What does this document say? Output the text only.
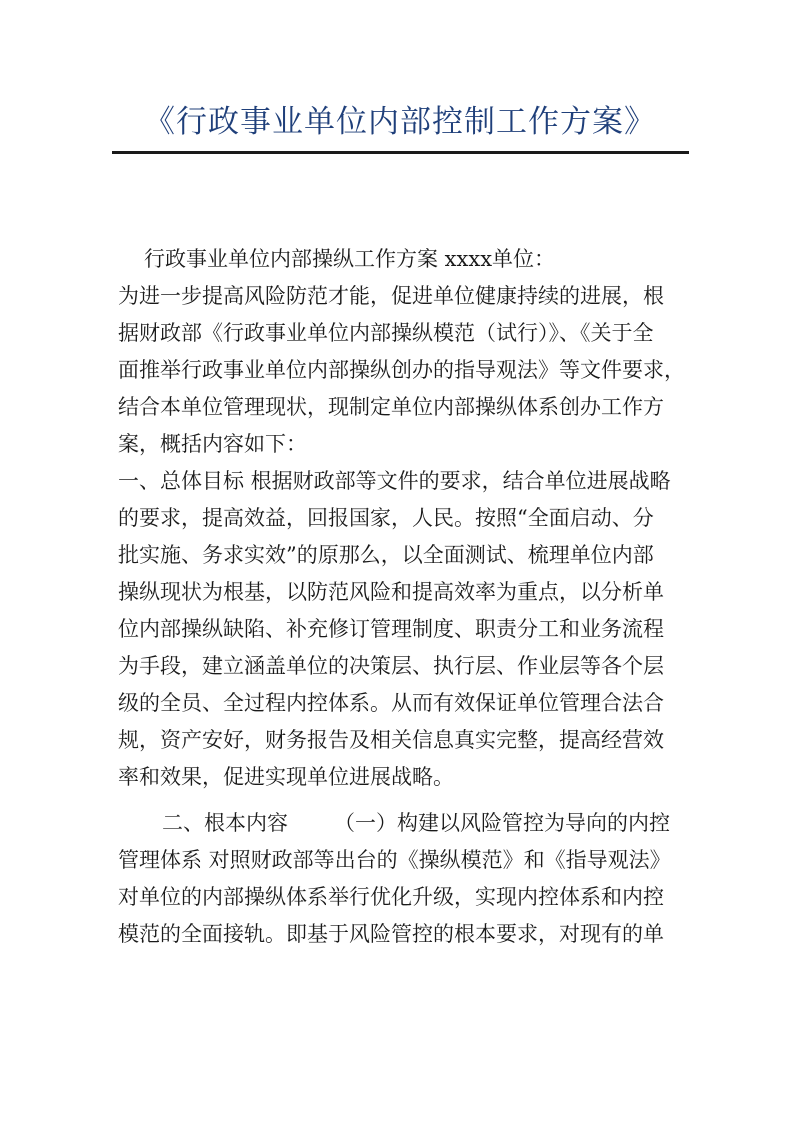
《行政事业单位内部控制工作方案》
行政事业单位内部操纵工作方案 xxxx单位：
为进一步提高风险防范才能，促进单位健康持续的进展，根
据财政部《行政事业单位内部操纵模范（试行）》、《关于全
面推举行政事业单位内部操纵创办的指导观法》等文件要求，
结合本单位管理现状，现制定单位内部操纵体系创办工作方
案，概括内容如下：
一、总体目标 根据财政部等文件的要求，结合单位进展战略
的要求，提高效益，回报国家，人民。按照“全面启动、分
批实施、务求实效”的原那么，以全面测试、梳理单位内部
操纵现状为根基，以防范风险和提高效率为重点，以分析单
位内部操纵缺陷、补充修订管理制度、职责分工和业务流程
为手段，建立涵盖单位的决策层、执行层、作业层等各个层
级的全员、全过程内控体系。从而有效保证单位管理合法合
规，资产安好，财务报告及相关信息真实完整，提高经营效
率和效果，促进实现单位进展战略。
二、根本内容 （一）构建以风险管控为导向的内控
管理体系 对照财政部等出台的《操纵模范》和《指导观法》
对单位的内部操纵体系举行优化升级，实现内控体系和内控
模范的全面接轨。即基于风险管控的根本要求，对现有的单
